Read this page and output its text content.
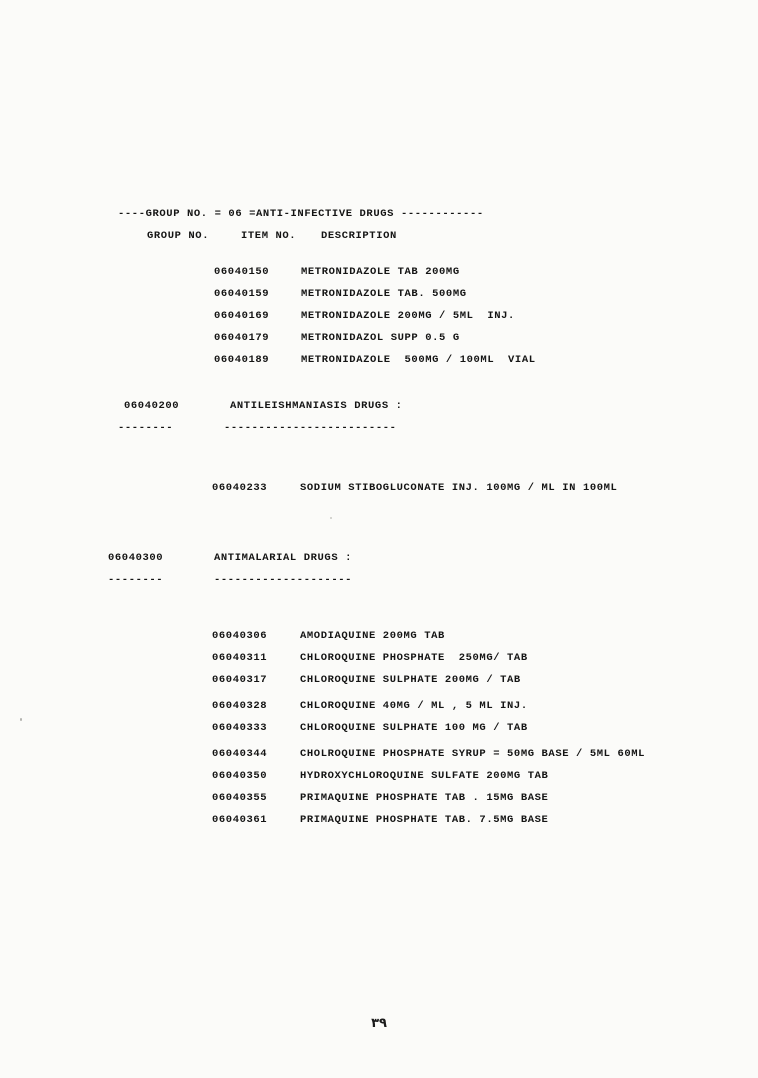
----GROUP NO. = 06 =ANTI-INFECTIVE DRUGS ------------
GROUP NO.	ITEM NO.	DESCRIPTION
06040150	METRONIDAZOLE TAB 200MG
06040159	METRONIDAZOLE TAB. 500MG
06040169	METRONIDAZOLE 200MG / 5ML  INJ.
06040179	METRONIDAZOL SUPP 0.5 G
06040189	METRONIDAZOLE  500MG / 100ML  VIAL
06040200	ANTILEISHMANIASIS DRUGS :
--------	-------------------------
06040233	SODIUM STIBOGLUCONATE INJ. 100MG / ML IN 100ML
06040300	ANTIMALARIAL DRUGS :
--------	--------------------
06040306	AMODIAQUINE 200MG TAB
06040311	CHLOROQUINE PHOSPHATE  250MG/ TAB
06040317	CHLOROQUINE SULPHATE 200MG / TAB
06040328	CHLOROQUINE 40MG / ML , 5 ML INJ.
06040333	CHLOROQUINE SULPHATE 100 MG / TAB
06040344	CHOLROQUINE PHOSPHATE SYRUP = 50MG BASE / 5ML 60ML
06040350	HYDROXYCHLOROQUINE SULFATE 200MG TAB
06040355	PRIMAQUINE PHOSPHATE TAB . 15MG BASE
06040361	PRIMAQUINE PHOSPHATE TAB. 7.5MG BASE
٣٩
